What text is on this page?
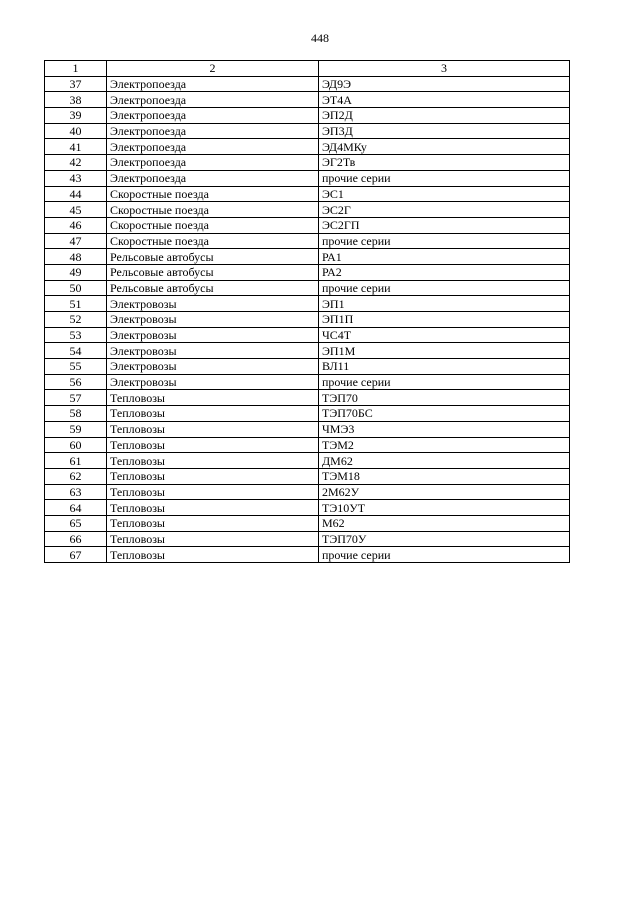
448
1	2	3
37	Электропоезда	ЭД9Э
38	Электропоезда	ЭТ4А
39	Электропоезда	ЭП2Д
40	Электропоезда	ЭП3Д
41	Электропоезда	ЭД4МКу
42	Электропоезда	ЭГ2Тв
43	Электропоезда	прочие серии
44	Скоростные поезда	ЭС1
45	Скоростные поезда	ЭС2Г
46	Скоростные поезда	ЭС2ГП
47	Скоростные поезда	прочие серии
48	Рельсовые автобусы	РА1
49	Рельсовые автобусы	РА2
50	Рельсовые автобусы	прочие серии
51	Электровозы	ЭП1
52	Электровозы	ЭП1П
53	Электровозы	ЧС4Т
54	Электровозы	ЭП1М
55	Электровозы	ВЛ11
56	Электровозы	прочие серии
57	Тепловозы	ТЭП70
58	Тепловозы	ТЭП70БС
59	Тепловозы	ЧМЭ3
60	Тепловозы	ТЭМ2
61	Тепловозы	ДМ62
62	Тепловозы	ТЭМ18
63	Тепловозы	2М62У
64	Тепловозы	ТЭ10УТ
65	Тепловозы	М62
66	Тепловозы	ТЭП70У
67	Тепловозы	прочие серии
